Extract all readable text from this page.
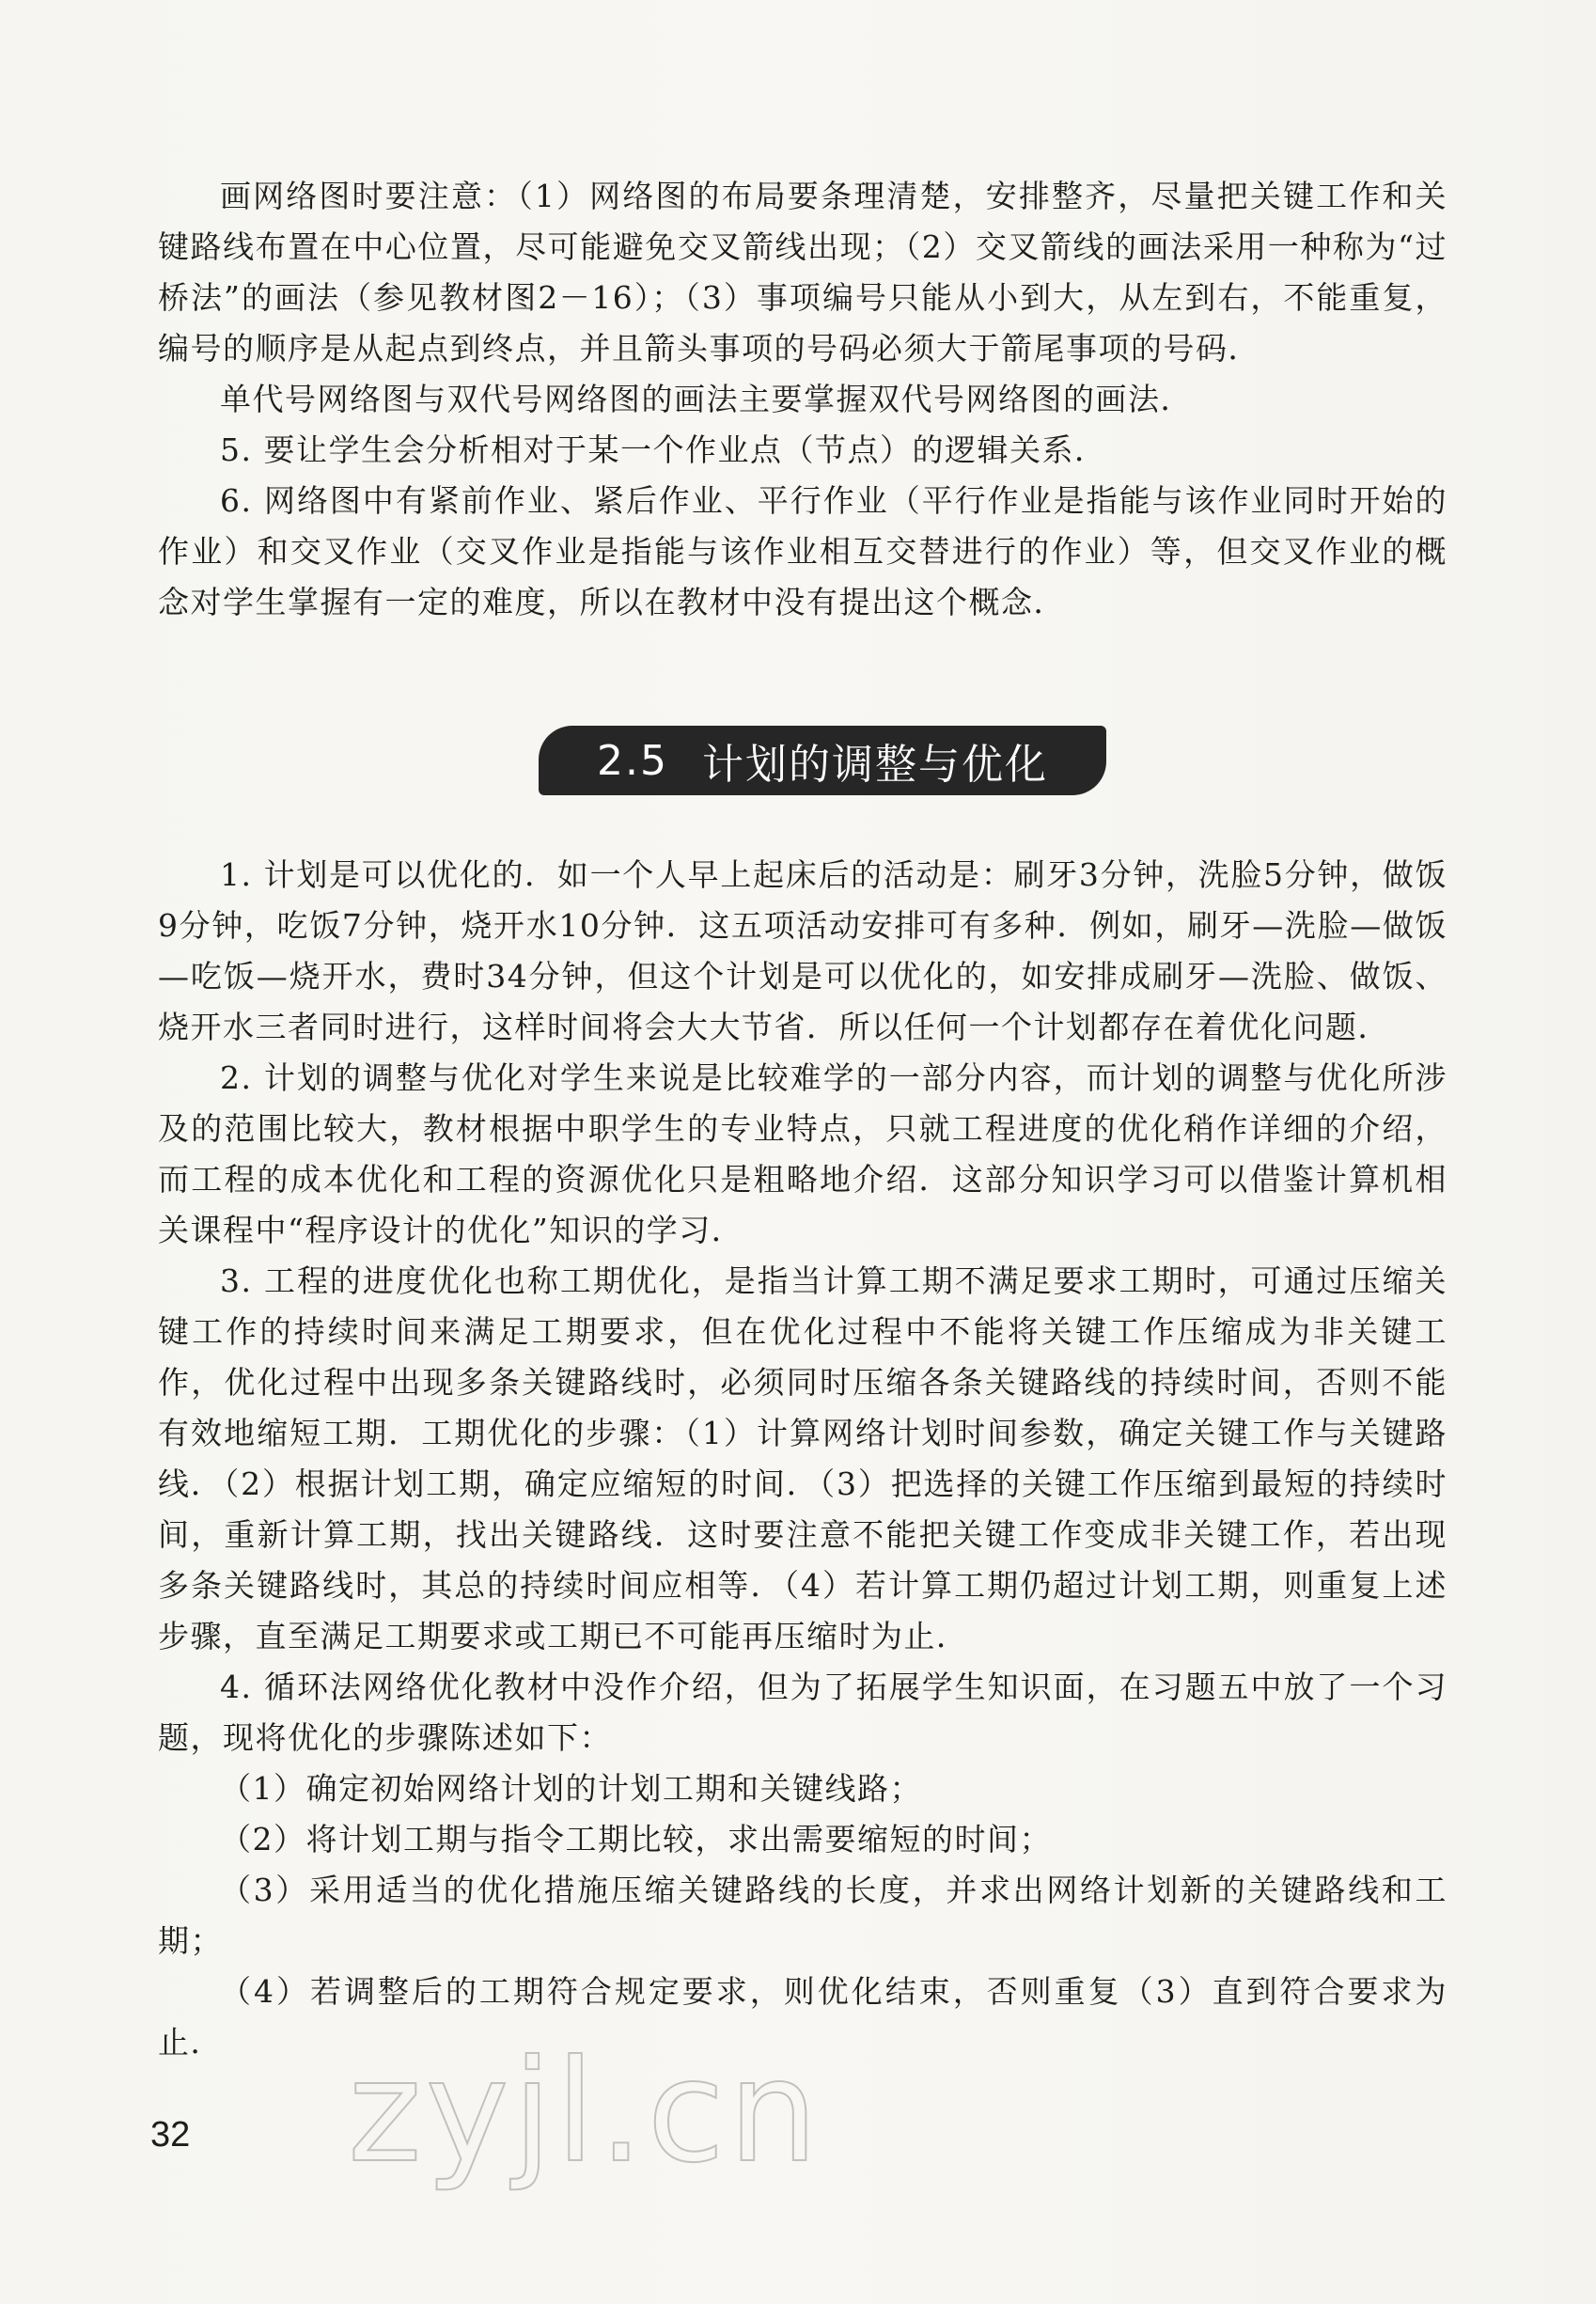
画网络图时要注意：（1）网络图的布局要条理清楚，安排整齐，尽量把关键工作和关键路线布置在中心位置，尽可能避免交叉箭线出现；（2）交叉箭线的画法采用一种称为“过桥法”的画法（参见教材图2－16）；（3）事项编号只能从小到大，从左到右，不能重复，编号的顺序是从起点到终点，并且箭头事项的号码必须大于箭尾事项的号码．

单代号网络图与双代号网络图的画法主要掌握双代号网络图的画法．

5. 要让学生会分析相对于某一个作业点（节点）的逻辑关系．

6. 网络图中有紧前作业、紧后作业、平行作业（平行作业是指能与该作业同时开始的作业）和交叉作业（交叉作业是指能与该作业相互交替进行的作业）等，但交叉作业的概念对学生掌握有一定的难度，所以在教材中没有提出这个概念．

2.5 计划的调整与优化

1. 计划是可以优化的．如一个人早上起床后的活动是：刷牙3分钟，洗脸5分钟，做饭9分钟，吃饭7分钟，烧开水10分钟．这五项活动安排可有多种．例如，刷牙—洗脸—做饭—吃饭—烧开水，费时34分钟，但这个计划是可以优化的，如安排成刷牙—洗脸、做饭、烧开水三者同时进行，这样时间将会大大节省．所以任何一个计划都存在着优化问题．

2. 计划的调整与优化对学生来说是比较难学的一部分内容，而计划的调整与优化所涉及的范围比较大，教材根据中职学生的专业特点，只就工程进度的优化稍作详细的介绍，而工程的成本优化和工程的资源优化只是粗略地介绍．这部分知识学习可以借鉴计算机相关课程中“程序设计的优化”知识的学习．

3. 工程的进度优化也称工期优化，是指当计算工期不满足要求工期时，可通过压缩关键工作的持续时间来满足工期要求，但在优化过程中不能将关键工作压缩成为非关键工作，优化过程中出现多条关键路线时，必须同时压缩各条关键路线的持续时间，否则不能有效地缩短工期．工期优化的步骤：（1）计算网络计划时间参数，确定关键工作与关键路线．（2）根据计划工期，确定应缩短的时间．（3）把选择的关键工作压缩到最短的持续时间，重新计算工期，找出关键路线．这时要注意不能把关键工作变成非关键工作，若出现多条关键路线时，其总的持续时间应相等．（4）若计算工期仍超过计划工期，则重复上述步骤，直至满足工期要求或工期已不可能再压缩时为止．

4. 循环法网络优化教材中没作介绍，但为了拓展学生知识面，在习题五中放了一个习题，现将优化的步骤陈述如下：

（1）确定初始网络计划的计划工期和关键线路；

（2）将计划工期与指令工期比较，求出需要缩短的时间；

（3）采用适当的优化措施压缩关键路线的长度，并求出网络计划新的关键路线和工期；

（4）若调整后的工期符合规定要求，则优化结束，否则重复（3）直到符合要求为止． zyjl.cn
32
